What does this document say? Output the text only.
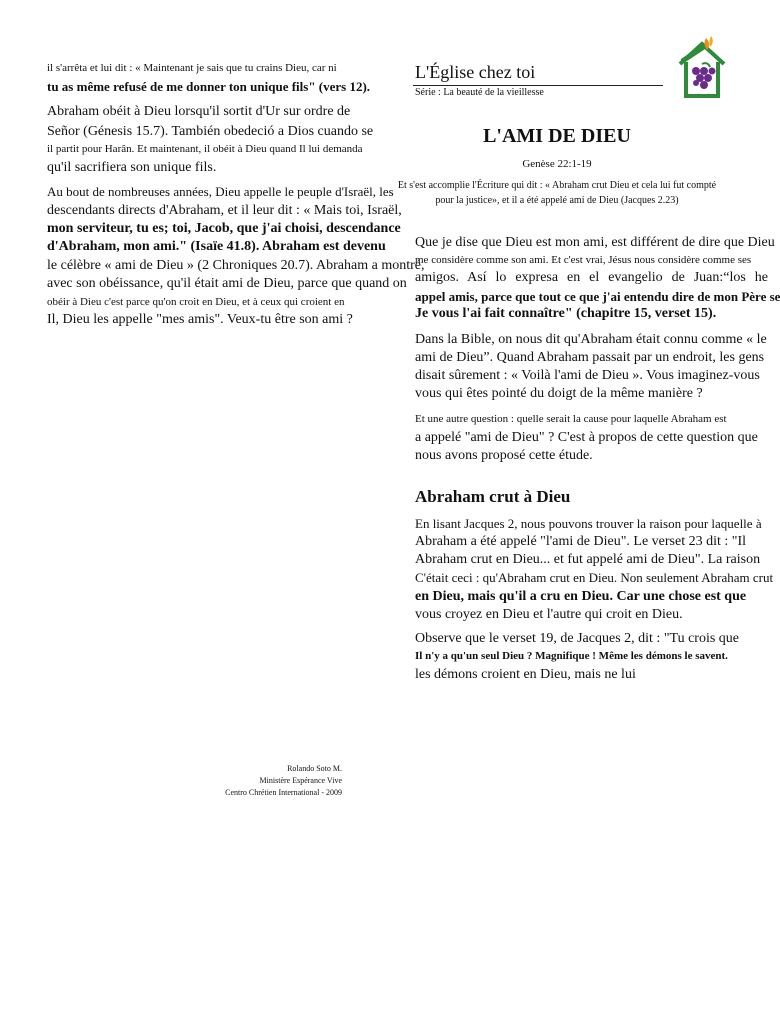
il s'arrêta et lui dit : « Maintenant je sais que tu crains Dieu, car ni
tu as même refusé de me donner ton unique fils" (vers 12).
Abraham obéit à Dieu lorsqu'il sortit d'Ur sur ordre de
Señor (Génesis 15.7). También obedeció a Dios cuando se
il partit pour Harân. Et maintenant, il obéit à Dieu quand Il lui demanda
qu'il sacrifiera son unique fils.
Au bout de nombreuses années, Dieu appelle le peuple d'Israël, les
descendants directs d'Abraham, et il leur dit : « Mais toi, Israël,
mon serviteur, tu es; toi, Jacob, que j'ai choisi, descendance
d'Abraham, mon ami." (Isaïe 41.8). Abraham est devenu
le célèbre « ami de Dieu » (2 Chroniques 20.7). Abraham a montré,
avec son obéissance, qu'il était ami de Dieu, parce que quand on
obéir à Dieu c'est parce qu'on croit en Dieu, et à ceux qui croient en
Il, Dieu les appelle "mes amis". Veux-tu être son ami ?
Rolando Soto M.
Ministère Espérance Vive
Centro Chrétien International - 2009
L'Église chez toi
Série : La beauté de la vieillesse
L'AMI DE DIEU
Genèse 22:1-19
Et s'est accomplie l'Écriture qui dit : « Abraham crut Dieu et cela lui fut compté
pour la justice», et il a été appelé ami de Dieu (Jacques 2.23)
Que je dise que Dieu est mon ami, est différent de dire que Dieu
me considère comme son ami. Et c'est vrai, Jésus nous considère comme ses
amigos. Así lo expresa en el evangelio de Juan:“los he
appel amis, parce que tout ce que j'ai entendu dire de mon Père se
Je vous l'ai fait connaître" (chapitre 15, verset 15).
Dans la Bible, on nous dit qu'Abraham était connu comme « le
ami de Dieu”. Quand Abraham passait par un endroit, les gens
disait sûrement : « Voilà l'ami de Dieu ». Vous imaginez-vous
vous qui êtes pointé du doigt de la même manière ?
Et une autre question : quelle serait la cause pour laquelle Abraham est
a appelé "ami de Dieu" ? C'est à propos de cette question que
nous avons proposé cette étude.
Abraham crut à Dieu
En lisant Jacques 2, nous pouvons trouver la raison pour laquelle à
Abraham a été appelé "l'ami de Dieu". Le verset 23 dit : "Il
Abraham crut en Dieu... et fut appelé ami de Dieu". La raison
C'était ceci : qu'Abraham crut en Dieu. Non seulement Abraham crut
en Dieu, mais qu'il a cru en Dieu. Car une chose est que
vous croyez en Dieu et l'autre qui croit en Dieu.
Observe que le verset 19, de Jacques 2, dit : "Tu crois que
Il n'y a qu'un seul Dieu ? Magnifique ! Même les démons le savent.
les démons croient en Dieu, mais ne lui
